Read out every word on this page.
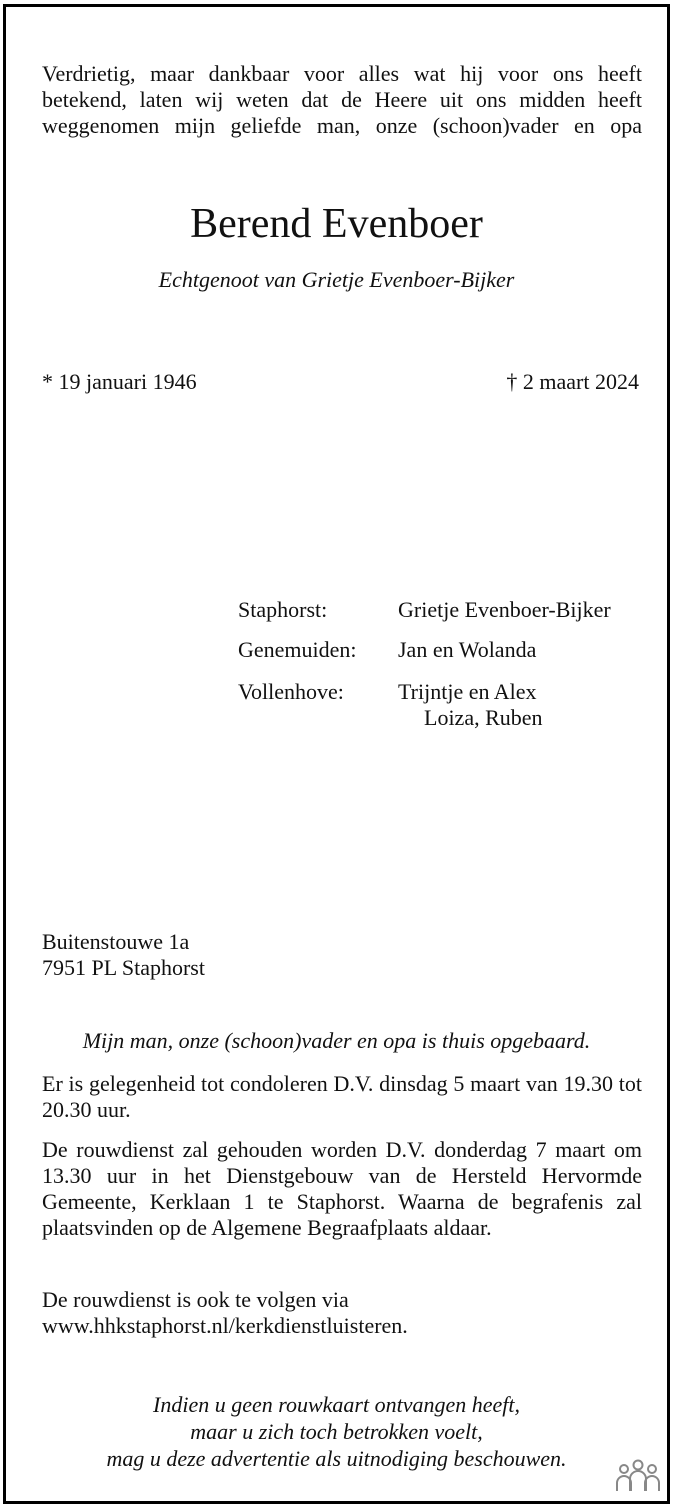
Verdrietig, maar dankbaar voor alles wat hij voor ons heeft
betekend, laten wij weten dat de Heere uit ons midden heeft
weggenomen mijn geliefde man, onze (schoon)vader en opa
Berend Evenboer
Echtgenoot van Grietje Evenboer-Bijker
* 19 januari 1946	† 2 maart 2024
Staphorst:	Grietje Evenboer-Bijker
Genemuiden: Jan en Wolanda
Vollenhove: Trijntje en Alex
Loiza, Ruben
Buitenstouwe 1a
7951 PL Staphorst
Mijn man, onze (schoon)vader en opa is thuis opgebaard.
Er is gelegenheid tot condoleren D.V. dinsdag 5 maart van 19.30 tot 20.30 uur.
De rouwdienst zal gehouden worden D.V. donderdag 7 maart om 13.30 uur in het Dienstgebouw van de Hersteld Hervormde Gemeente, Kerklaan 1 te Staphorst. Waarna de begrafenis zal plaatsvinden op de Algemene Begraafplaats aldaar.
De rouwdienst is ook te volgen via
www.hhkstaphorst.nl/kerkdienstluisteren.
Indien u geen rouwkaart ontvangen heeft,
maar u zich toch betrokken voelt,
mag u deze advertentie als uitnodiging beschouwen.
